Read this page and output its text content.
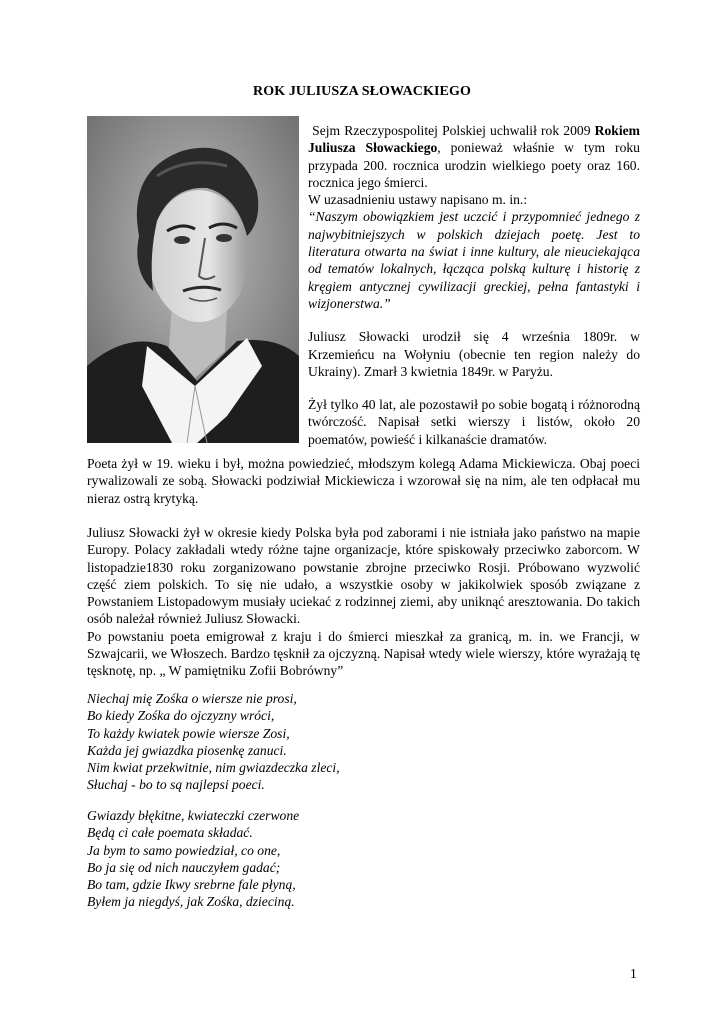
ROK JULIUSZA SŁOWACKIEGO

Sejm Rzeczypospolitej Polskiej uchwalił rok 2009 Rokiem Juliusza Słowackiego, ponieważ właśnie w tym roku przypada 200. rocznica urodzin wielkiego poety oraz 160. rocznica jego śmierci.

W uzasadnieniu ustawy napisano m. in.:

“Naszym obowiązkiem jest uczcić i przypomnieć jednego z najwybitniejszych w polskich dziejach poetę. Jest to literatura otwarta na świat i inne kultury, ale nieuciekająca od tematów lokalnych, łącząca polską kulturę i historię z kręgiem antycznej cywilizacji greckiej, pełna fantastyki i wizjonerstwa.”

Juliusz Słowacki urodził się 4 września 1809r. w Krzemieńcu na Wołyniu (obecnie ten region należy do Ukrainy). Zmarł 3 kwietnia 1849r. w Paryżu.

Żył tylko 40 lat, ale pozostawił po sobie bogatą i różnorodną twórczość. Napisał setki wierszy i listów, około 20 poematów, powieść i kilkanaście dramatów.

Poeta żył w 19. wieku i był, można powiedzieć, młodszym kolegą Adama Mickiewicza. Obaj poeci rywalizowali ze sobą. Słowacki podziwiał Mickiewicza i wzorował się na nim, ale ten odpłacał mu nieraz ostrą krytyką.

Juliusz Słowacki żył w okresie kiedy Polska była pod zaborami i nie istniała jako państwo na mapie Europy. Polacy zakładali wtedy różne tajne organizacje, które spiskowały przeciwko zaborcom. W listopadzie1830 roku zorganizowano powstanie zbrojne przeciwko Rosji. Próbowano wyzwolić część ziem polskich. To się nie udało, a wszystkie osoby w jakikolwiek sposób związane z Powstaniem Listopadowym musiały uciekać z rodzinnej ziemi, aby uniknąć aresztowania. Do takich osób należał również Juliusz Słowacki.

Po powstaniu poeta emigrował z kraju i do śmierci mieszkał za granicą, m. in. we Francji, w Szwajcarii, we Włoszech. Bardzo tęsknił za ojczyzną. Napisał wtedy wiele wierszy, które wyrażają tę tęsknotę, np. „ W pamiętniku Zofii Bobrówny”

Niechaj mię Zośka o wiersze nie prosi,
Bo kiedy Zośka do ojczyzny wróci,
To każdy kwiatek powie wiersze Zosi,
Każda jej gwiazdka piosenkę zanuci.
Nim kwiat przekwitnie, nim gwiazdeczka zleci,
Słuchaj - bo to są najlepsi poeci.
Gwiazdy błękitne, kwiateczki czerwone
Będą ci całe poemata składać.
Ja bym to samo powiedział, co one,
Bo ja się od nich nauczyłem gadać;
Bo tam, gdzie Ikwy srebrne fale płyną,
Byłem ja niegdyś, jak Zośka, dzieciną.
1
